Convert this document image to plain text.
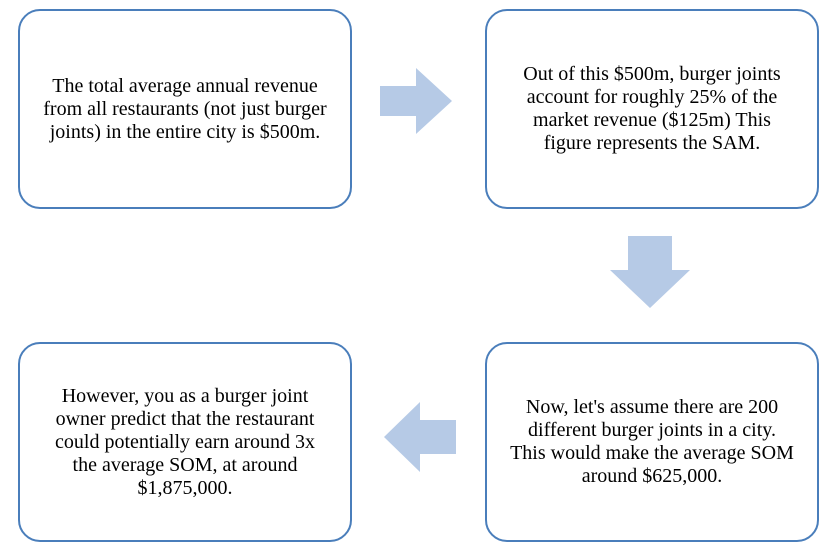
The total average annual revenue from all restaurants (not just burger joints) in the entire city is $500m.
Out of this $500m, burger joints account for roughly 25% of the market revenue ($125m) This figure represents the SAM.
Now, let's assume there are 200 different burger joints in a city. This would make the average SOM around $625,000.
However, you as a burger joint owner predict that the restaurant could potentially earn around 3x the average SOM, at around $1,875,000.
